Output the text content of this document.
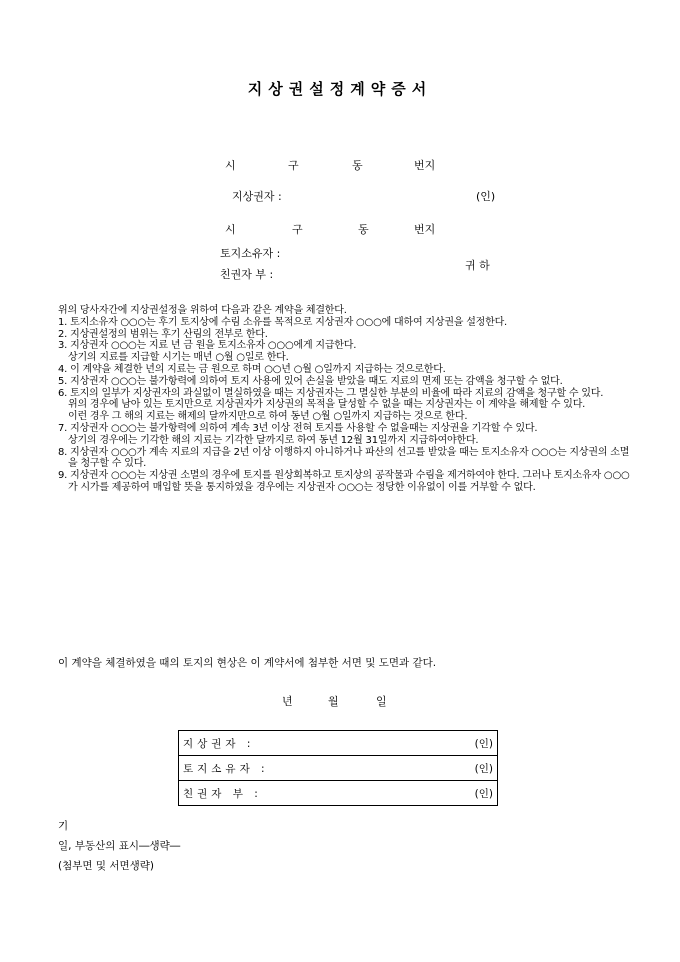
지상권설정계약증서
시	구	동	번지
지상권자 :	(인)
시	구	동	번지
토지소유자 :
친권자 부 :
귀 하

위의 당사자간에 지상권설정을 위하여 다음과 같은 계약을 체결한다.

1. 토지소유자 ○○○는 후기 토지상에 수림 소유를 목적으로 지상권자 ○○○에 대하여 지상권을 설정한다.

2. 지상권설정의 범위는 후기 산림의 전부로 한다.

3. 지상권자 ○○○는 지료 년 금 원을 토지소유자 ○○○에게 지급한다.

상기의 지료를 지급할 시기는 매년 ○월 ○일로 한다.

4. 이 계약을 체결한 년의 지료는 금 원으로 하며 ○○년 ○월 ○일까지 지급하는 것으로한다.

5. 지상권자 ○○○는 불가항력에 의하여 토지 사용에 있어 손실을 받았을 때도 지료의 면제 또는 감액을 청구할 수 없다.

6. 토지의 일부가 지상권자의 과실없이 멸실하였을 때는 지상권자는 그 멸실한 부분의 비율에 따라 지료의 감액을 청구할 수 있다.

위의 경우에 남아 있는 토지만으로 지상권자가 지상권의 목적을 달성할 수 없을 때는 지상권자는 이 계약을 해제할 수 있다.

이런 경우 그 해의 지료는 해제의 달까지만으로 하여 동년 ○월 ○일까지 지급하는 것으로 한다.

7. 지상권자 ○○○는 불가항력에 의하여 계속 3년 이상 전혀 토지를 사용할 수 없을때는 지상권을 기각할 수 있다.

상기의 경우에는 기각한 해의 지료는 기각한 달까지로 하여 동년 12월 31일까지 지급하여야한다.

8. 지상권자 ○○○가 계속 지료의 지급을 2년 이상 이행하지 아니하거나 파산의 선고를 받았을 때는 토지소유자 ○○○는 지상권의 소멸을 청구할 수 있다.

9. 지상권자 ○○○는 지상권 소멸의 경우에 토지를 원상회복하고 토지상의 공작물과 수림을 제거하여야 한다. 그러나 토지소유자 ○○○가 시가를 제공하여 매입할 뜻을 통지하였을 경우에는 지상권자 ○○○는 정당한 이유없이 이를 거부할 수 없다.

이 계약을 체결하였을 때의 토지의 현상은 이 계약서에 첨부한 서면 및 도면과 같다.
년	월	일
지상권자 :	(인)
토지소유자 :	(인)
친권자 부 :	(인)
기
일, 부동산의 표시―생략―
(첨부면 및 서면생략)
